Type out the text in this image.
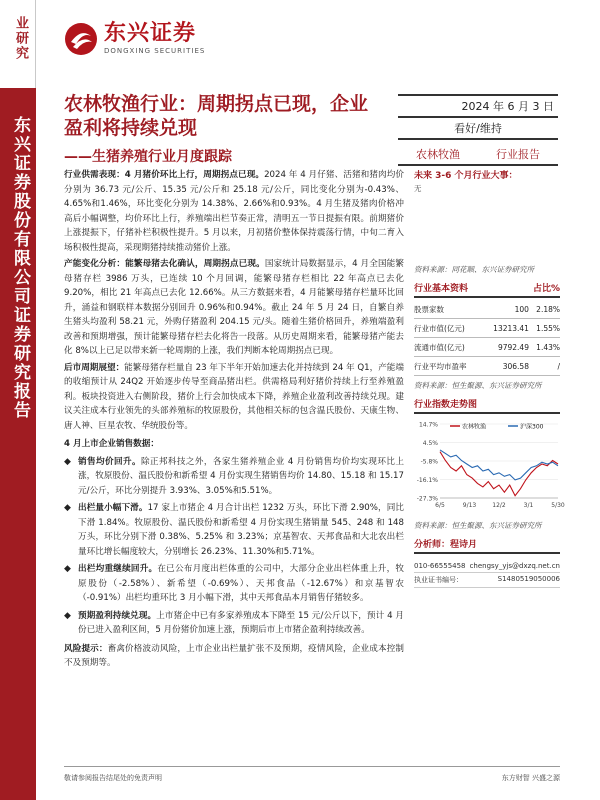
业研究
东兴证券股份有限公司证券研究报告
东兴证券
DONGXING SECURITIES
农林牧渔行业：周期拐点已现，企业盈利将持续兑现
——生猪养殖行业月度跟踪
2024 年 6 月 3 日
看好/维持
农林牧渔	行业报告

行业供需表现：4 月猪价环比上行，周期拐点已现。2024 年 4 月仔猪、活猪和猪肉均价分别为 36.73 元/公斤、15.35 元/公斤和 25.18 元/公斤，同比变化分别为-0.43%、4.65%和1.46%，环比变化分别为 14.38%、2.66%和0.93%。4 月生猪及猪肉价格冲高后小幅调整，均价环比上行，养殖端出栏节奏正常，清明五一节日提振有限。前期猪价上涨提振下，仔猪补栏积极性提升。5 月以来，月初猪价整体保持震荡行情，中旬二育入场积极性提高，采现期猪持续推动猪价上涨。

产能变化分析：能繁母猪去化确认，周期拐点已现。国家统计局数据显示，4 月全国能繁母猪存栏 3986 万头，已连续 10 个月回调，能繁母猪存栏相比 22 年高点已去化 9.20%，相比 21 年高点已去化 12.66%。从三方数据来看，4 月能繁母猪存栏量环比回升，涌益和钢联样本数据分别回升 0.96%和0.94%。截止 24 年 5 月 24 日，自繁自养生猪头均盈利 58.21 元，外购仔猪盈利 204.15 元/头。随着生猪价格回升，养殖端盈利改善和预期增强，预计能繁母猪存栏去化将告一段落。从历史周期来看，能繁母猪产能去化 8%以上已足以带来新一轮周期的上涨，我们判断本轮周期拐点已现。

后市周期展望：能繁母猪存栏量自 23 年下半年开始加速去化并持续到 24 年 Q1，产能端的收缩预计从 24Q2 开始逐步传导至商品猪出栏。供需格局利好猪价持续上行至养殖盈利。板块投资进入右侧阶段，猪价上行会加快成本下降，养殖企业盈利改善持续兑现。建议关注成本行业领先的头部养殖标的牧原股份，其他相关标的包含温氏股份、天康生物、唐人神、巨星农牧、华统股份等。

4 月上市企业销售数据：
◆ 销售均价回升。除正邦科技之外，各家生猪养殖企业 4 月份销售均价均实现环比上涨，牧原股份、温氏股份和新希望 4 月份实现生猪销售均价 14.80、15.18 和 15.17 元/公斤，环比分别提升 3.93%、3.05%和5.51%。
◆ 出栏量小幅下滑。17 家上市猪企 4 月合计出栏 1232 万头，环比下滑 2.90%，同比下滑 1.84%。牧原股份、温氏股份和新希望 4 月份实现生猪销量 545、248 和 148 万头，环比分别下滑 0.38%、5.25% 和 3.23%；京基智农、天邦食品和大北农出栏量环比增长幅度较大，分别增长 26.23%、11.30%和5.71%。
◆ 出栏均重继续回升。在已公布月度出栏体重的公司中，大部分企业出栏体重上升，牧原股份（-2.58%）、新希望（-0.69%）、天邦食品（-12.67%）和京基智农（-0.91%）出栏均重环比 3 月小幅下滑，其中天邦食品本月销售仔猪较多。
◆ 预期盈利持续兑现。上市猪企中已有多家养殖成本下降至 15 元/公斤以下，预计 4 月份已进入盈利区间，5 月份猪价加速上涨，预期后市上市猪企盈利持续改善。

风险提示：畜禽价格波动风险，上市企业出栏量扩张不及预期，疫情风险，企业成本控制不及预期等。

未来 3-6 个月行业大事：
无
资料来源：同花顺、东兴证券研究所
行业基本资料	占比%
股票家数	100	2.18%
行业市值(亿元)	13213.41	1.55%
流通市值(亿元)	9792.49	1.43%
行业平均市盈率	306.58	/
资料来源：恒生聚源、东兴证券研究所
行业指数走势图
14.7%
4.5%
-5.8%
-16.1%
-27.3%
6/5	9/13	12/2	3/1	5/30
农林牧渔	沪深300
资料来源：恒生聚源、东兴证券研究所
分析师：程诗月
010-66555458 chengsy_yjs@dxzq.net.cn
执业证书编号：	S1480519050006
敬请参阅报告结尾处的免责声明	东方财智 兴盛之源
